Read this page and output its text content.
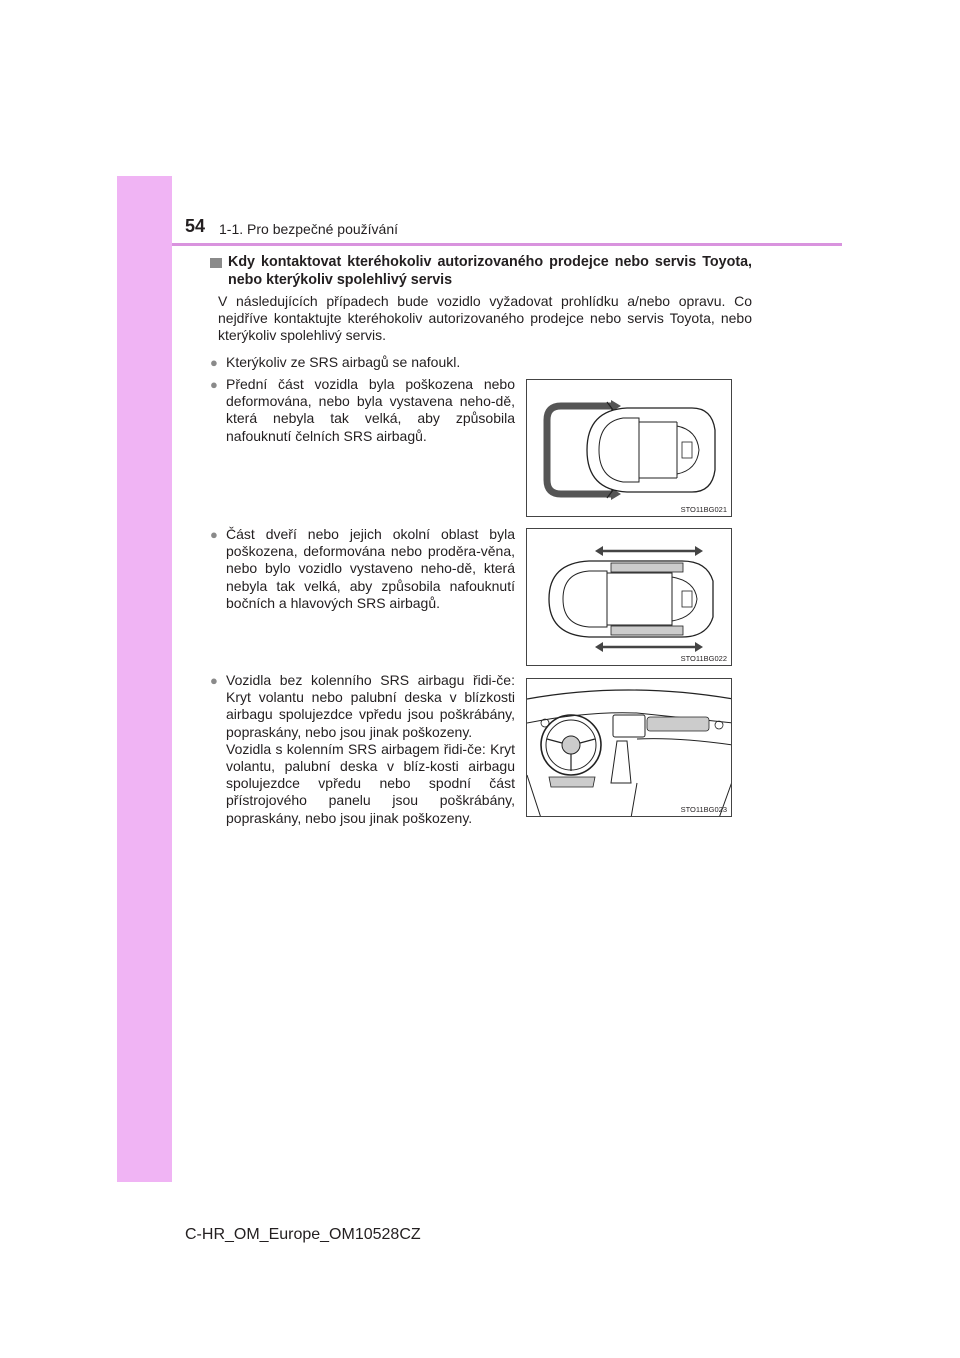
54 1-1. Pro bezpečné používání
Kdy kontaktovat kteréhokoliv autorizovaného prodejce nebo servis Toyota, nebo kterýkoliv spolehlivý servis
V následujících případech bude vozidlo vyžadovat prohlídku a/nebo opravu. Co nejdříve kontaktujte kteréhokoliv autorizovaného prodejce nebo servis Toyota, nebo kterýkoliv spolehlivý servis.
● Kterýkoliv ze SRS airbagů se nafoukl.
● Přední část vozidla byla poškozena nebo deformována, nebo byla vystavena neho-dě, která nebyla tak velká, aby způsobila nafouknutí čelních SRS airbagů.
● Část dveří nebo jejich okolní oblast byla poškozena, deformována nebo proděra-věna, nebo bylo vozidlo vystaveno neho-dě, která nebyla tak velká, aby způsobila nafouknutí bočních a hlavových SRS airbagů.
● Vozidla bez kolenního SRS airbagu řidi-če: Kryt volantu nebo palubní deska v blízkosti airbagu spolujezdce vpředu jsou poškrábány, popraskány, nebo jsou jinak poškozeny.
Vozidla s kolenním SRS airbagem řidi-če: Kryt volantu, palubní deska v blíz-kosti airbagu spolujezdce vpředu nebo spodní část přístrojového panelu jsou poškrábány, popraskány, nebo jsou jinak poškozeny.
STO11BG021
STO11BG022
STO11BG023
C-HR_OM_Europe_OM10528CZ
